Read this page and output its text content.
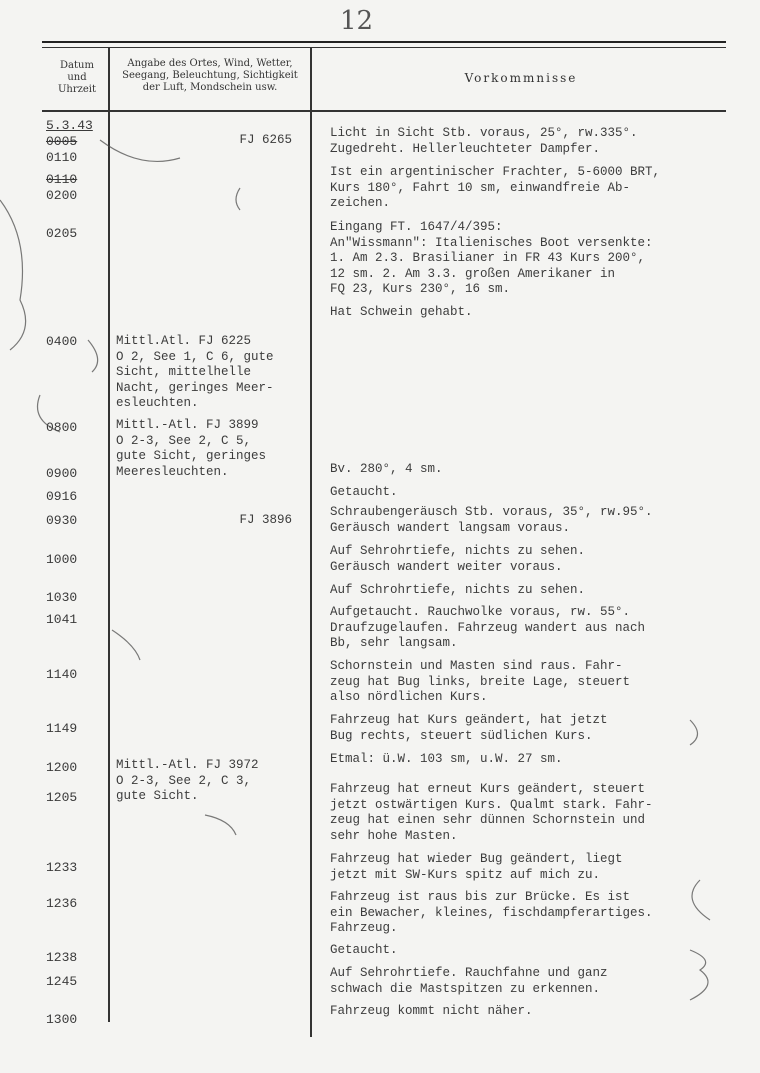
12
Datum
und
Uhrzeit
Angabe des Ortes, Wind, Wetter,
Seegang, Beleuchtung, Sichtigkeit
der Luft, Mondschein usw.
Vorkommnisse
5.3.43
0005
0110
0110
0200
0205
0400
0800
0900
0916
0930
1000
1030
1041
1140
1149
1200
1205
1233
1236
1238
1245
1300
FJ 6265
Mittl.Atl. FJ 6225
O 2, See 1, C 6, gute
Sicht, mittelhelle
Nacht, geringes Meer-
esleuchten.
Mittl.-Atl. FJ 3899
O 2-3, See 2, C 5,
gute Sicht, geringes
Meeresleuchten.
FJ 3896
Mittl.-Atl. FJ 3972
O 2-3, See 2, C 3,
gute Sicht.
Licht in Sicht Stb. voraus, 25°, rw.335°.
Zugedreht. Hellerleuchteter Dampfer.
Ist ein argentinischer Frachter, 5-6000 BRT,
Kurs 180°, Fahrt 10 sm, einwandfreie Ab-
zeichen.
Eingang FT. 1647/4/395:
An"Wissmann": Italienisches Boot versenkte:
1. Am 2.3. Brasilianer in FR 43 Kurs 200°,
12 sm. 2. Am 3.3. großen Amerikaner in
FQ 23, Kurs 230°, 16 sm.
Hat Schwein gehabt.
Bv. 280°, 4 sm.
Getaucht.
Schraubengeräusch Stb. voraus, 35°, rw.95°.
Geräusch wandert langsam voraus.
Auf Sehrohrtiefe, nichts zu sehen.
Geräusch wandert weiter voraus.
Auf Schrohrtiefe, nichts zu sehen.
Aufgetaucht. Rauchwolke voraus, rw. 55°.
Draufzugelaufen. Fahrzeug wandert aus nach
Bb, sehr langsam.
Schornstein und Masten sind raus. Fahr-
zeug hat Bug links, breite Lage, steuert
also nördlichen Kurs.
Fahrzeug hat Kurs geändert, hat jetzt
Bug rechts, steuert südlichen Kurs.
Etmal: ü.W. 103 sm, u.W. 27 sm.
Fahrzeug hat erneut Kurs geändert, steuert
jetzt ostwärtigen Kurs. Qualmt stark. Fahr-
zeug hat einen sehr dünnen Schornstein und
sehr hohe Masten.
Fahrzeug hat wieder Bug geändert, liegt
jetzt mit SW-Kurs spitz auf mich zu.
Fahrzeug ist raus bis zur Brücke. Es ist
ein Bewacher, kleines, fischdampferartiges.
Fahrzeug.
Getaucht.
Auf Sehrohrtiefe. Rauchfahne und ganz
schwach die Mastspitzen zu erkennen.
Fahrzeug kommt nicht näher.
